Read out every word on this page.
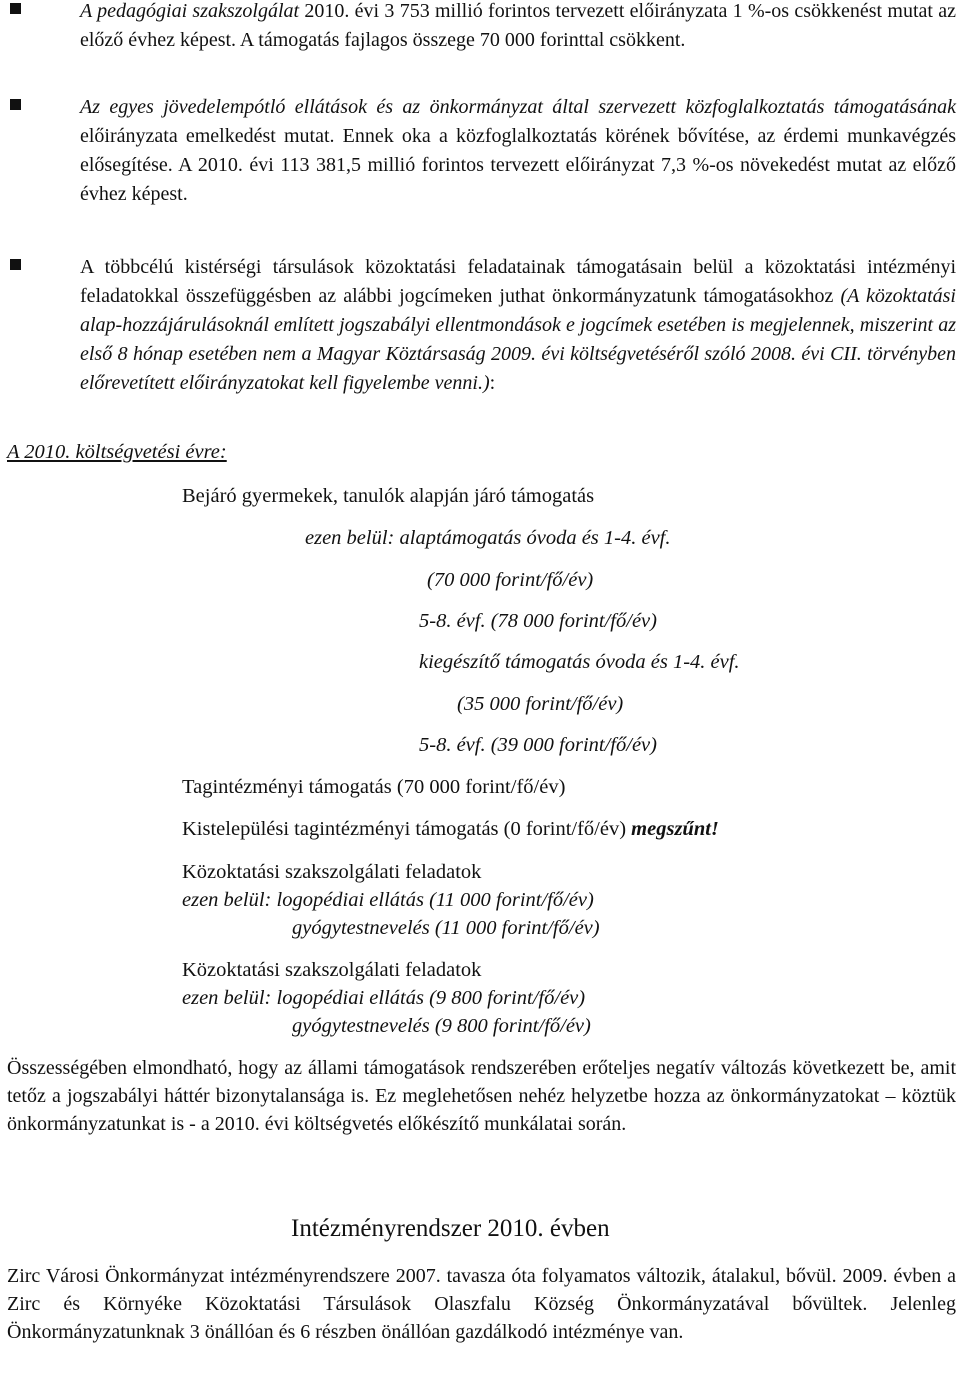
A pedagógiai szakszolgálat 2010. évi 3 753 millió forintos tervezett előirányzata 1 %-os csökkenést mutat az előző évhez képest. A támogatás fajlagos összege 70 000 forinttal csökkent.
Az egyes jövedelempótló ellátások és az önkormányzat által szervezett közfoglalkoztatás támogatásának előirányzata emelkedést mutat. Ennek oka a közfoglalkoztatás körének bővítése, az érdemi munkavégzés elősegítése. A 2010. évi 113 381,5 millió forintos tervezett előirányzat 7,3 %-os növekedést mutat az előző évhez képest.
A többcélú kistérségi társulások közoktatási feladatainak támogatásain belül a közoktatási intézményi feladatokkal összefüggésben az alábbi jogcímeken juthat önkormányzatunk támogatásokhoz (A közoktatási alap-hozzájárulásoknál említett jogszabályi ellentmondások e jogcímek esetében is megjelennek, miszerint az első 8 hónap esetében nem a Magyar Köztársaság 2009. évi költségvetéséről szóló 2008. évi CII. törvényben előrevetített előirányzatokat kell figyelembe venni.):
A 2010. költségvetési évre:
Bejáró gyermekek, tanulók alapján járó támogatás
ezen belül: alaptámogatás óvoda és 1-4. évf.
(70 000 forint/fő/év)
5-8. évf. (78 000 forint/fő/év)
kiegészítő támogatás óvoda és 1-4. évf.
(35 000 forint/fő/év)
5-8. évf. (39 000 forint/fő/év)
Tagintézményi támogatás (70 000 forint/fő/év)
Kistelepülési tagintézményi támogatás (0 forint/fő/év) megszűnt!
Közoktatási szakszolgálati feladatok
ezen belül: logopédiai ellátás (11 000 forint/fő/év)
gyógytestnevelés (11 000 forint/fő/év)
Közoktatási szakszolgálati feladatok
ezen belül: logopédiai ellátás (9 800 forint/fő/év)
gyógytestnevelés (9 800 forint/fő/év)
Összességében elmondható, hogy az állami támogatások rendszerében erőteljes negatív változás következett be, amit tetőz a jogszabályi háttér bizonytalansága is. Ez meglehetősen nehéz helyzetbe hozza az önkormányzatokat – köztük önkormányzatunkat is - a 2010. évi költségvetés előkészítő munkálatai során.
Intézményrendszer 2010. évben
Zirc Városi Önkormányzat intézményrendszere 2007. tavasza óta folyamatos változik, átalakul, bővül. 2009. évben a Zirc és Környéke Közoktatási Társulások Olaszfalu Község Önkormányzatával bővültek. Jelenleg Önkormányzatunknak 3 önállóan és 6 részben önállóan gazdálkodó intézménye van.
